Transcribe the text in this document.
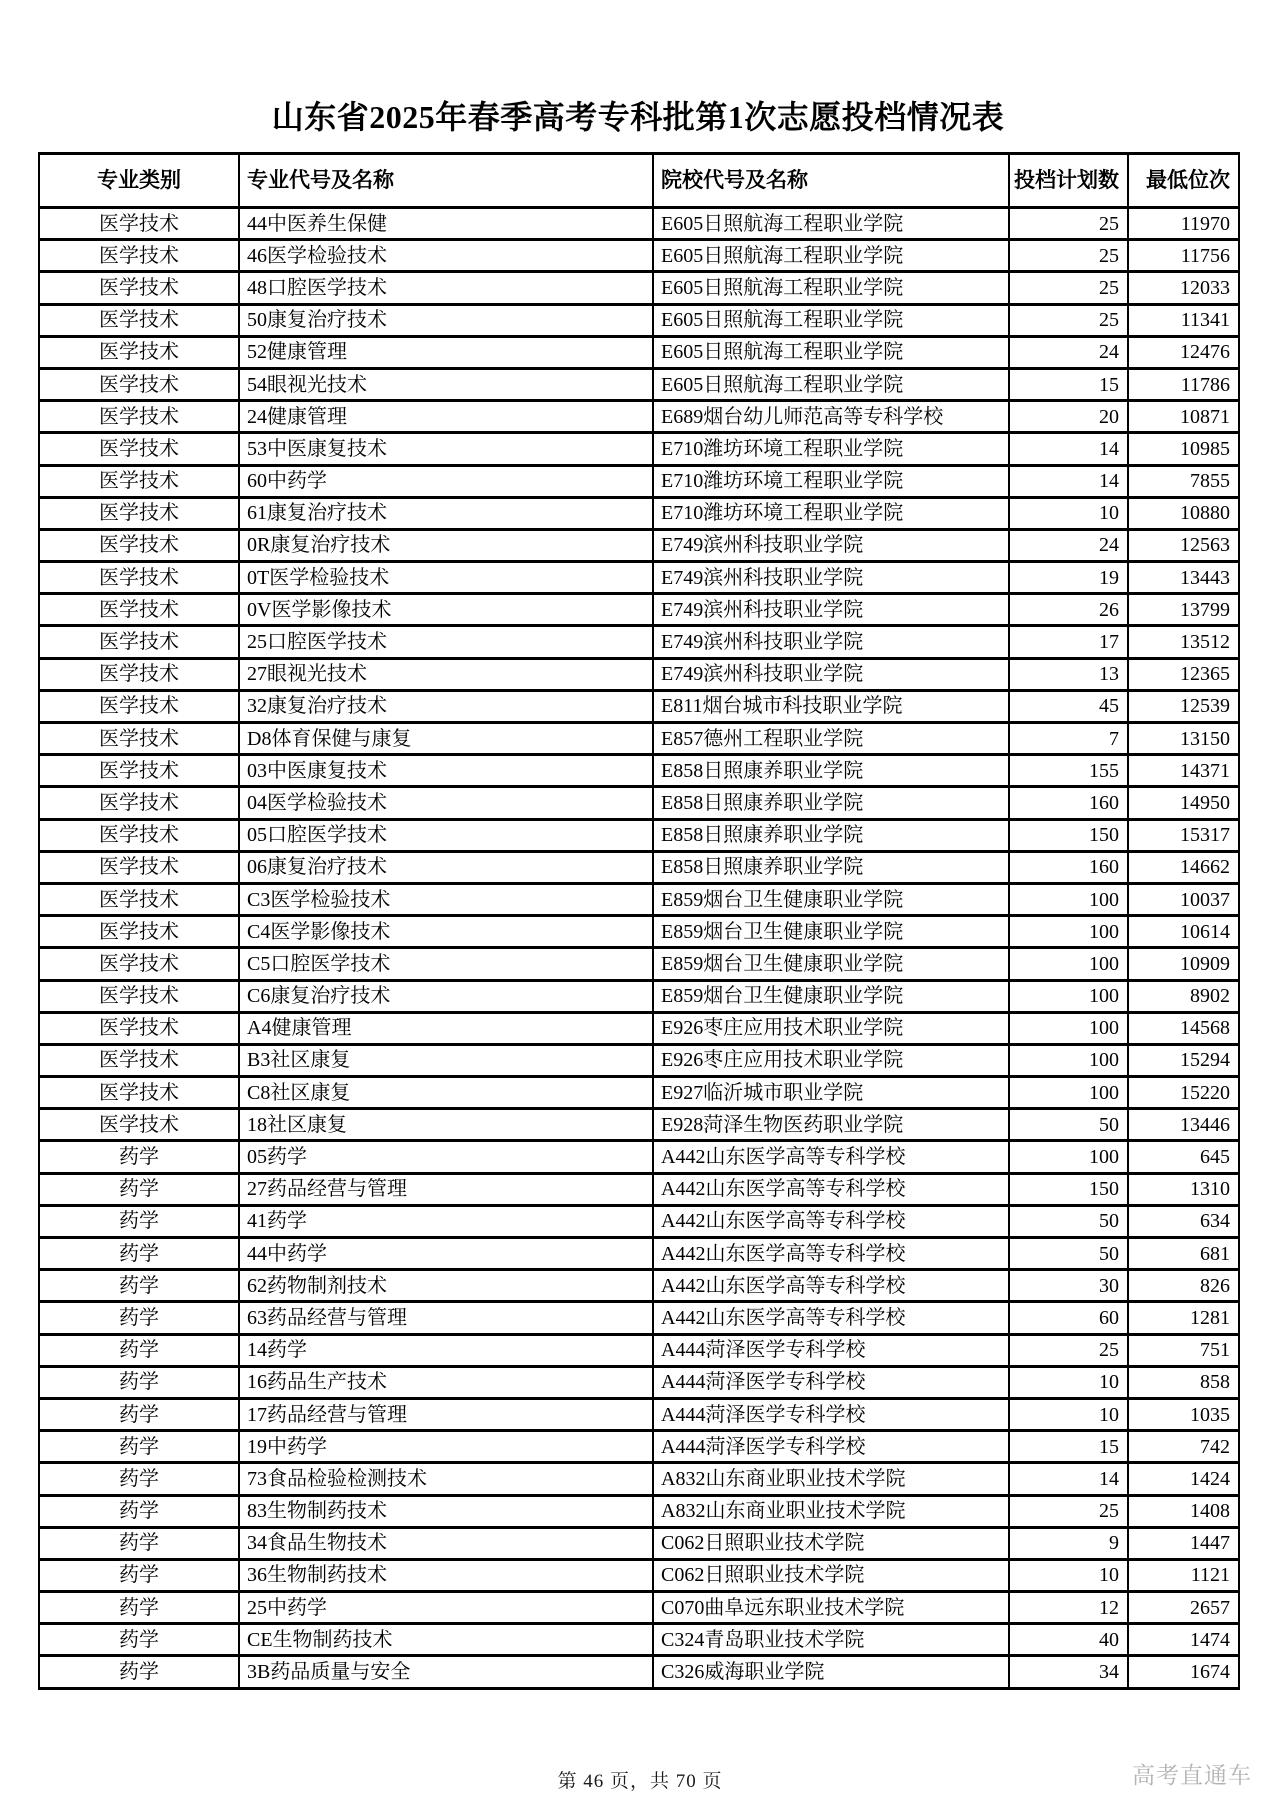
山东省2025年春季高考专科批第1次志愿投档情况表
专业类别	专业代号及名称	院校代号及名称	投档计划数	最低位次
医学技术	44中医养生保健	E605日照航海工程职业学院	25	11970
医学技术	46医学检验技术	E605日照航海工程职业学院	25	11756
医学技术	48口腔医学技术	E605日照航海工程职业学院	25	12033
医学技术	50康复治疗技术	E605日照航海工程职业学院	25	11341
医学技术	52健康管理	E605日照航海工程职业学院	24	12476
医学技术	54眼视光技术	E605日照航海工程职业学院	15	11786
医学技术	24健康管理	E689烟台幼儿师范高等专科学校	20	10871
医学技术	53中医康复技术	E710潍坊环境工程职业学院	14	10985
医学技术	60中药学	E710潍坊环境工程职业学院	14	7855
医学技术	61康复治疗技术	E710潍坊环境工程职业学院	10	10880
医学技术	0R康复治疗技术	E749滨州科技职业学院	24	12563
医学技术	0T医学检验技术	E749滨州科技职业学院	19	13443
医学技术	0V医学影像技术	E749滨州科技职业学院	26	13799
医学技术	25口腔医学技术	E749滨州科技职业学院	17	13512
医学技术	27眼视光技术	E749滨州科技职业学院	13	12365
医学技术	32康复治疗技术	E811烟台城市科技职业学院	45	12539
医学技术	D8体育保健与康复	E857德州工程职业学院	7	13150
医学技术	03中医康复技术	E858日照康养职业学院	155	14371
医学技术	04医学检验技术	E858日照康养职业学院	160	14950
医学技术	05口腔医学技术	E858日照康养职业学院	150	15317
医学技术	06康复治疗技术	E858日照康养职业学院	160	14662
医学技术	C3医学检验技术	E859烟台卫生健康职业学院	100	10037
医学技术	C4医学影像技术	E859烟台卫生健康职业学院	100	10614
医学技术	C5口腔医学技术	E859烟台卫生健康职业学院	100	10909
医学技术	C6康复治疗技术	E859烟台卫生健康职业学院	100	8902
医学技术	A4健康管理	E926枣庄应用技术职业学院	100	14568
医学技术	B3社区康复	E926枣庄应用技术职业学院	100	15294
医学技术	C8社区康复	E927临沂城市职业学院	100	15220
医学技术	18社区康复	E928菏泽生物医药职业学院	50	13446
药学	05药学	A442山东医学高等专科学校	100	645
药学	27药品经营与管理	A442山东医学高等专科学校	150	1310
药学	41药学	A442山东医学高等专科学校	50	634
药学	44中药学	A442山东医学高等专科学校	50	681
药学	62药物制剂技术	A442山东医学高等专科学校	30	826
药学	63药品经营与管理	A442山东医学高等专科学校	60	1281
药学	14药学	A444菏泽医学专科学校	25	751
药学	16药品生产技术	A444菏泽医学专科学校	10	858
药学	17药品经营与管理	A444菏泽医学专科学校	10	1035
药学	19中药学	A444菏泽医学专科学校	15	742
药学	73食品检验检测技术	A832山东商业职业技术学院	14	1424
药学	83生物制药技术	A832山东商业职业技术学院	25	1408
药学	34食品生物技术	C062日照职业技术学院	9	1447
药学	36生物制药技术	C062日照职业技术学院	10	1121
药学	25中药学	C070曲阜远东职业技术学院	12	2657
药学	CE生物制药技术	C324青岛职业技术学院	40	1474
药学	3B药品质量与安全	C326威海职业学院	34	1674
第 46 页，共 70 页	高考直通车
